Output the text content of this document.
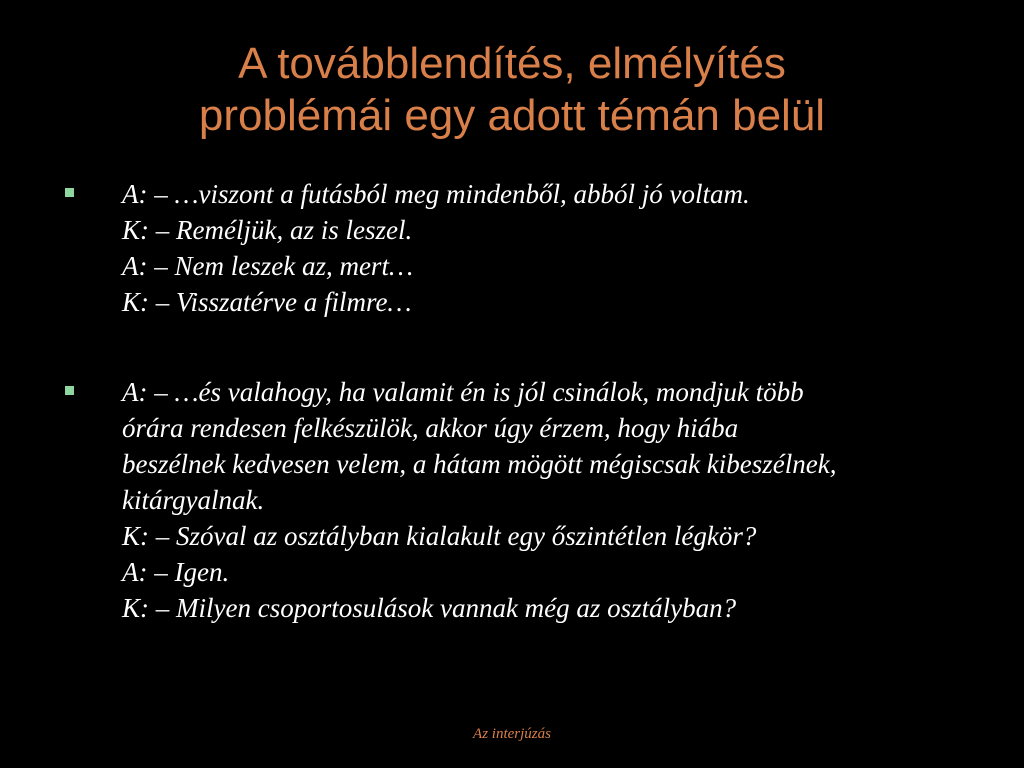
A továbblendítés, elmélyítés
problémái egy adott témán belül
A: – …viszont a futásból meg mindenből, abból jó voltam.
K: – Reméljük, az is leszel.
A: – Nem leszek az, mert…
K: – Visszatérve a filmre…
A: – …és valahogy, ha valamit én is jól csinálok, mondjuk több
órára rendesen felkészülök, akkor úgy érzem, hogy hiába
beszélnek kedvesen velem, a hátam mögött mégiscsak kibeszélnek,
kitárgyalnak.
K: – Szóval az osztályban kialakult egy őszintétlen légkör?
A: – Igen.
K: – Milyen csoportosulások vannak még az osztályban?
Az interjúzás
